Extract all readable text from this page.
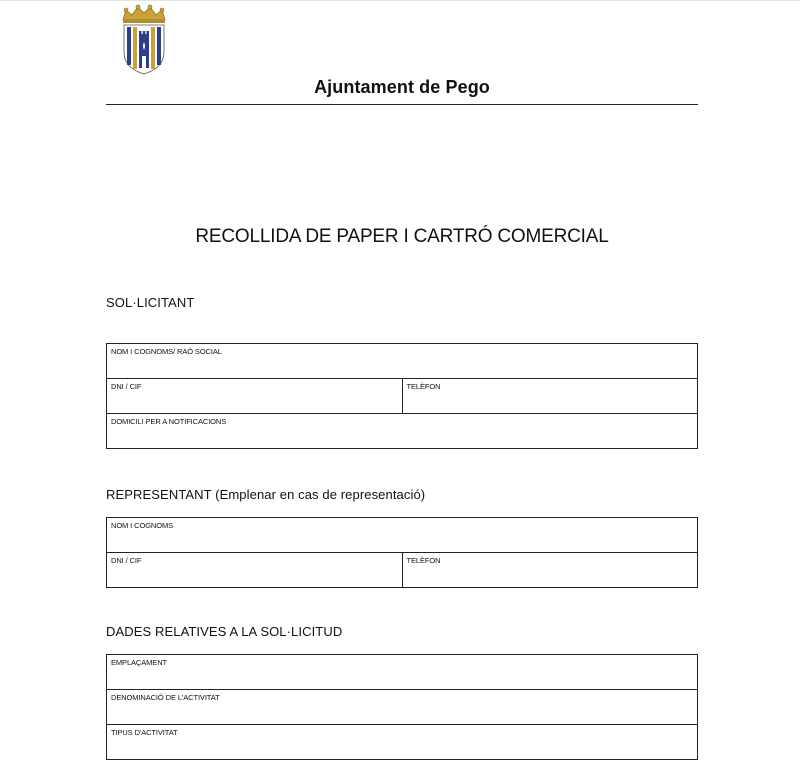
Ajuntament de Pego
RECOLLIDA DE PAPER I CARTRÓ COMERCIAL
SOL·LICITANT
NOM I COGNOMS/ RAÓ SOCIAL

DNI / CIF	TELÈFON

DOMICILI PER A NOTIFICACIONS
REPRESENTANT (Emplenar en cas de representació)
NOM I COGNOMS

DNI / CIF	TELÈFON
DADES RELATIVES A LA SOL·LICITUD
EMPLAÇAMENT

DENOMINACIÓ DE L'ACTIVITAT

TIPUS D'ACTIVITAT
